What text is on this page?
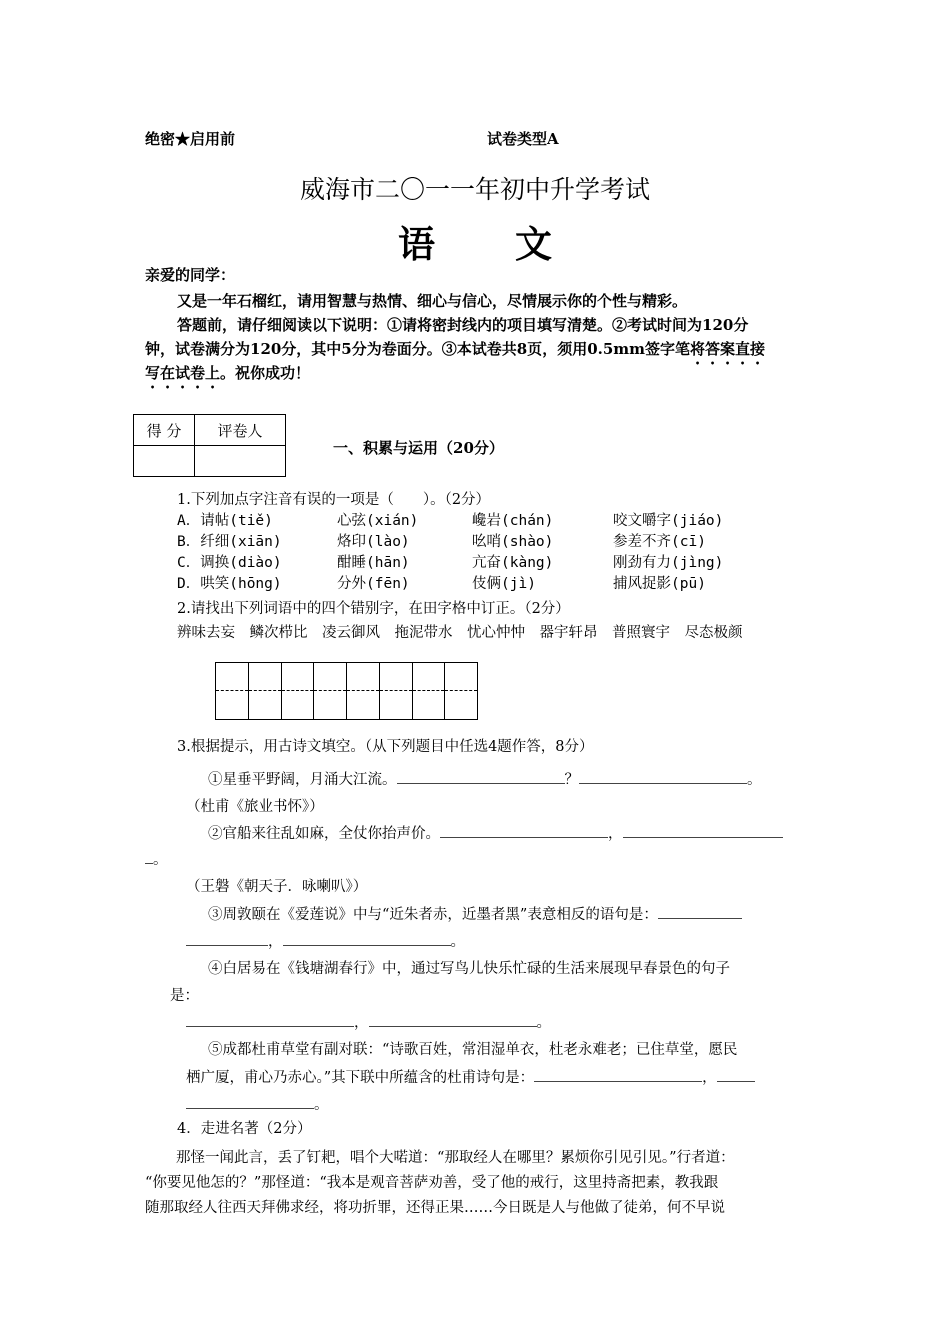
绝密★启用前	试卷类型A
威海市二〇一一年初中升学考试
语文
亲爱的同学：
又是一年石榴红，请用智慧与热情、细心与信心，尽情展示你的个性与精彩。
答题前，请仔细阅读以下说明：①请将密封线内的项目填写清楚。②考试时间为120分
钟，试卷满分为120分，其中5分为卷面分。③本试卷共8页，须用0.5mm签字笔将答案直接
写在试卷上。祝你成功！
得 分	评卷人

一、积累与运用（20分）
1.下列加点字注音有误的一项是（　　）。（2分）
A．请帖(tiě)	心弦(xián)	巉岩(chán)	咬文嚼字(jiáo)
B．纤细(xiān)	烙印(lào)	吆哨(shào)	参差不齐(cī)
C．调换(diào)	酣睡(hān)	亢奋(kàng)	刚劲有力(jìng)
D．哄笑(hōng)	分外(fēn)	伎俩(jì)	捕风捉影(pū)
2.请找出下列词语中的四个错别字，在田字格中订正。（2分）
辨味去妄　鳞次栉比　凌云御风　拖泥带水　忧心忡忡　器宇轩昂　普照寰宇　尽态极颜
3.根据提示，用古诗文填空。（从下列题目中任选4题作答，8分）
①星垂平野阔，月涌大江流。	？	。
（杜甫《旅业书怀》）
②官船来往乱如麻，全仗你抬声价。	，
。
（王磐《朝天子．咏喇叭》）
③周敦颐在《爱莲说》中与“近朱者赤，近墨者黑”表意相反的语句是：
，	。
④白居易在《钱塘湖春行》中，通过写鸟儿快乐忙碌的生活来展现早春景色的句子
是：
，	。
⑤成都杜甫草堂有副对联：“诗歌百姓，常泪湿单衣，杜老永难老；已住草堂，愿民
栖广厦，甫心乃赤心。”其下联中所蕴含的杜甫诗句是：	，
。
4．走进名著（2分）
那怪一闻此言，丢了钉耙，唱个大喏道：“那取经人在哪里？累烦你引见引见。”行者道：
“你要见他怎的？”那怪道：“我本是观音菩萨劝善，受了他的戒行，这里持斋把素，教我跟
随那取经人往西天拜佛求经，将功折罪，还得正果……今日既是人与他做了徒弟，何不早说
